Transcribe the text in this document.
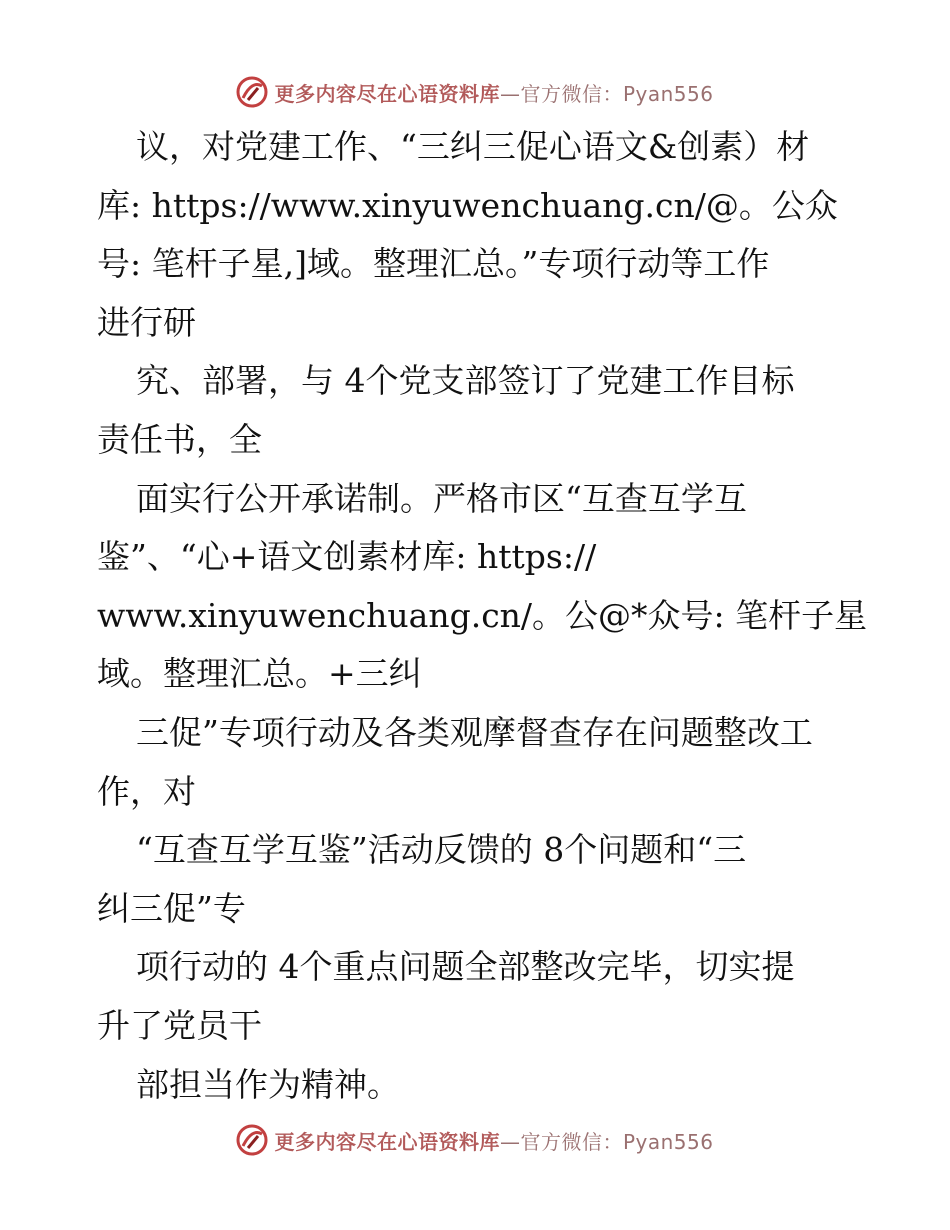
更多内容尽在心语资料库—官方微信：Pyan556
议，对党建工作、“三纠三促心语文&创素）材
库: https://www.xinyuwenchuang.cn/@。公众
号: 笔杆子星,]域。整理汇总。”专项行动等工作
进行研
究、部署，与 4个党支部签订了党建工作目标
责任书，全
面实行公开承诺制。严格市区“互查互学互
鉴”、“心+语文创素材库: https://
www.xinyuwenchuang.cn/。公@*众号: 笔杆子星
域。整理汇总。+三纠
三促”专项行动及各类观摩督查存在问题整改工
作，对
“互查互学互鉴”活动反馈的 8个问题和“三
纠三促”专
项行动的 4个重点问题全部整改完毕，切实提
升了党员干
部担当作为精神。
更多内容尽在心语资料库—官方微信：Pyan556
